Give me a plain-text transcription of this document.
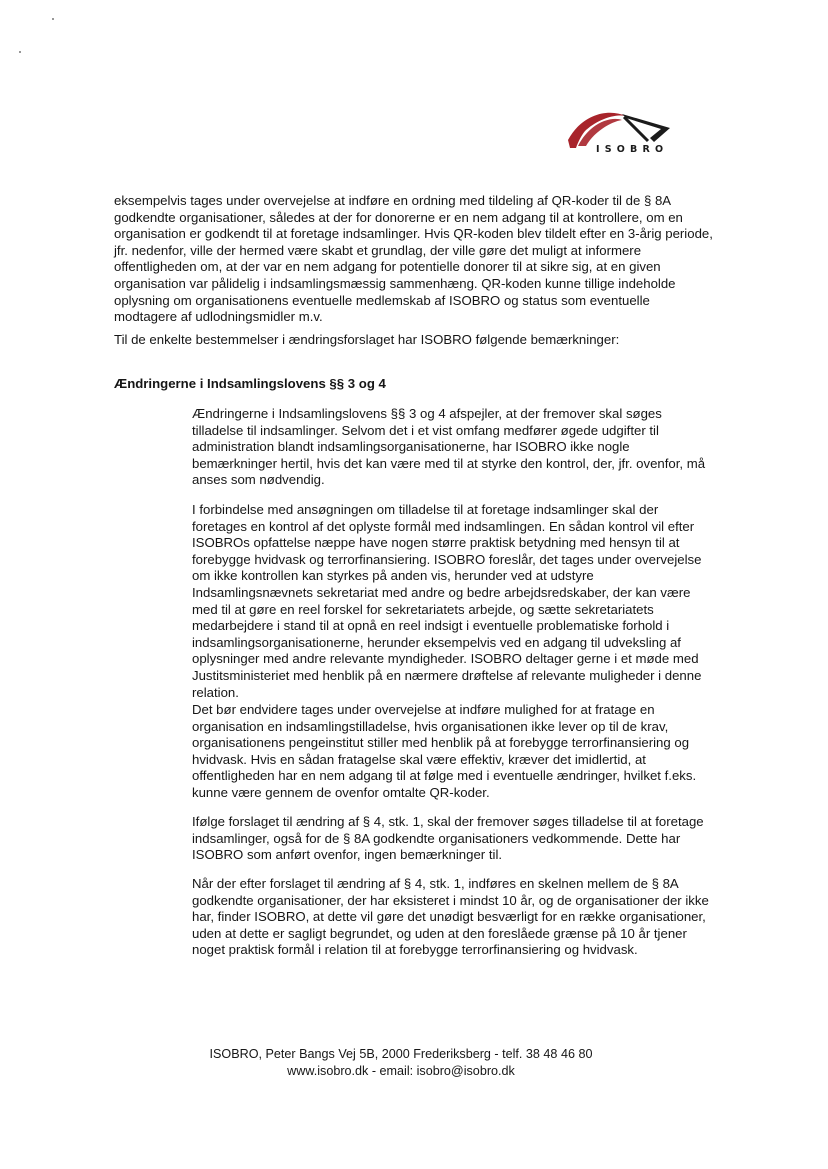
ISOBRO

eksempelvis tages under overvejelse at indføre en ordning med tildeling af QR-koder til de § 8A godkendte organisationer, således at der for donorerne er en nem adgang til at kontrollere, om en organisation er godkendt til at foretage indsamlinger. Hvis QR-koden blev tildelt efter en 3-årig periode, jfr. nedenfor, ville der hermed være skabt et grundlag, der ville gøre det muligt at informere offentligheden om, at der var en nem adgang for potentielle donorer til at sikre sig, at en given organisation var pålidelig i indsamlingsmæssig sammenhæng. QR-koden kunne tillige indeholde oplysning om organisationens eventuelle medlemskab af ISOBRO og status som eventuelle modtagere af udlodningsmidler m.v.

Til de enkelte bestemmelser i ændringsforslaget har ISOBRO følgende bemærkninger:

Ændringerne i Indsamlingslovens §§ 3 og 4

Ændringerne i Indsamlingslovens §§ 3 og 4 afspejler, at der fremover skal søges tilladelse til indsamlinger. Selvom det i et vist omfang medfører øgede udgifter til administration blandt indsamlingsorganisationerne, har ISOBRO ikke nogle bemærkninger hertil, hvis det kan være med til at styrke den kontrol, der, jfr. ovenfor, må anses som nødvendig.

I forbindelse med ansøgningen om tilladelse til at foretage indsamlinger skal der foretages en kontrol af det oplyste formål med indsamlingen. En sådan kontrol vil efter ISOBROs opfattelse næppe have nogen større praktisk betydning med hensyn til at forebygge hvidvask og terrorfinansiering. ISOBRO foreslår, det tages under overvejelse om ikke kontrollen kan styrkes på anden vis, herunder ved at udstyre Indsamlingsnævnets sekretariat med andre og bedre arbejdsredskaber, der kan være med til at gøre en reel forskel for sekretariatets arbejde, og sætte sekretariatets medarbejdere i stand til at opnå en reel indsigt i eventuelle problematiske forhold i indsamlingsorganisationerne, herunder eksempelvis ved en adgang til udveksling af oplysninger med andre relevante myndigheder. ISOBRO deltager gerne i et møde med Justitsministeriet med henblik på en nærmere drøftelse af relevante muligheder i denne relation.

Det bør endvidere tages under overvejelse at indføre mulighed for at fratage en organisation en indsamlingstilladelse, hvis organisationen ikke lever op til de krav, organisationens pengeinstitut stiller med henblik på at forebygge terrorfinansiering og hvidvask. Hvis en sådan fratagelse skal være effektiv, kræver det imidlertid, at offentligheden har en nem adgang til at følge med i eventuelle ændringer, hvilket f.eks. kunne være gennem de ovenfor omtalte QR-koder.

Ifølge forslaget til ændring af § 4, stk. 1, skal der fremover søges tilladelse til at foretage indsamlinger, også for de § 8A godkendte organisationers vedkommende. Dette har ISOBRO som anført ovenfor, ingen bemærkninger til.

Når der efter forslaget til ændring af § 4, stk. 1, indføres en skelnen mellem de § 8A godkendte organisationer, der har eksisteret i mindst 10 år, og de organisationer der ikke har, finder ISOBRO, at dette vil gøre det unødigt besværligt for en række organisationer, uden at dette er sagligt begrundet, og uden at den foreslåede grænse på 10 år tjener noget praktisk formål i relation til at forebygge terrorfinansiering og hvidvask.

ISOBRO, Peter Bangs Vej 5B, 2000 Frederiksberg - telf. 38 48 46 80

www.isobro.dk - email: isobro@isobro.dk
